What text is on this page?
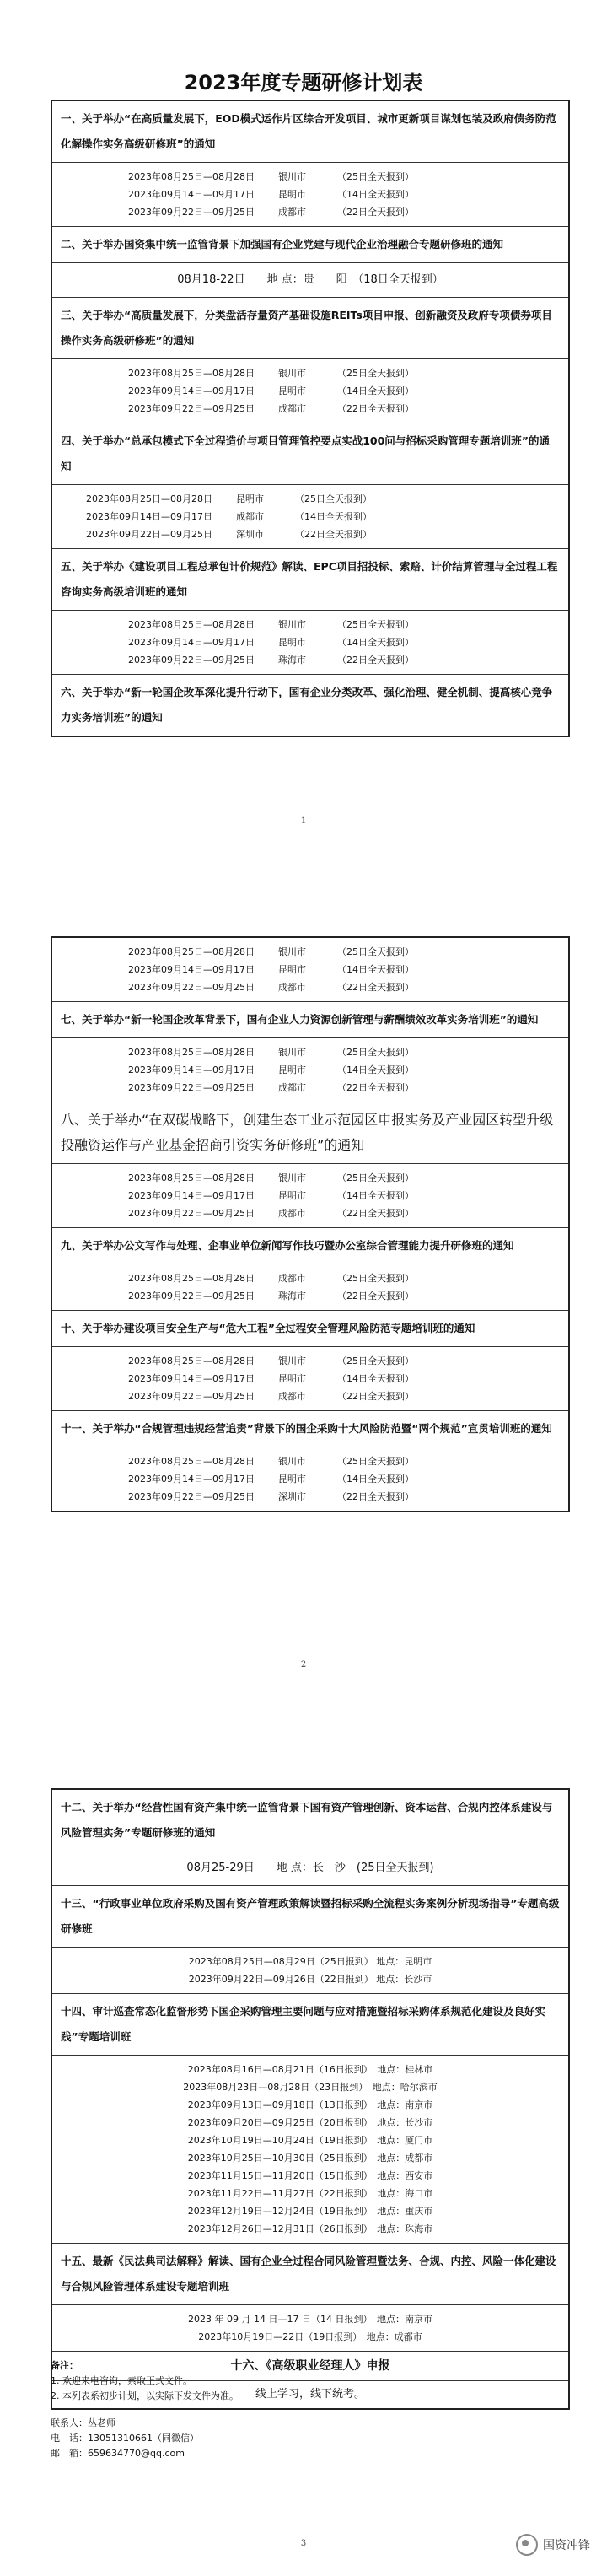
2023年度专题研修计划表
一、关于举办“在高质量发展下，EOD模式运作片区综合开发项目、城市更新项目谋划包装及政府债务防范化解操作实务高级研修班”的通知

2023年08月25日—08月28日	银川市	（25日全天报到）
2023年09月14日—09月17日	昆明市	（14日全天报到）
2023年09月22日—09月25日	成都市	（22日全天报到）

二、关于举办国资集中统一监管背景下加强国有企业党建与现代企业治理融合专题研修班的通知
08月18-22日　　地 点：贵　　阳　（18日全天报到）
三、关于举办“高质量发展下，分类盘活存量资产基础设施REITs项目申报、创新融资及政府专项债券项目操作实务高级研修班”的通知

2023年08月25日—08月28日	银川市	（25日全天报到）
2023年09月14日—09月17日	昆明市	（14日全天报到）
2023年09月22日—09月25日	成都市	（22日全天报到）

四、关于举办“总承包模式下全过程造价与项目管理管控要点实战100问与招标采购管理专题培训班”的通知

2023年08月25日—08月28日	昆明市	（25日全天报到）
2023年09月14日—09月17日	成都市	（14日全天报到）
2023年09月22日—09月25日	深圳市	（22日全天报到）

五、关于举办《建设项目工程总承包计价规范》解读、EPC项目招投标、索赔、计价结算管理与全过程工程咨询实务高级培训班的通知

2023年08月25日—08月28日	银川市	（25日全天报到）
2023年09月14日—09月17日	昆明市	（14日全天报到）
2023年09月22日—09月25日	珠海市	（22日全天报到）

六、关于举办“新一轮国企改革深化提升行动下，国有企业分类改革、强化治理、健全机制、提高核心竞争力实务培训班”的通知
1
2023年08月25日—08月28日	银川市	（25日全天报到）
2023年09月14日—09月17日	昆明市	（14日全天报到）
2023年09月22日—09月25日	成都市	（22日全天报到）

七、关于举办“新一轮国企改革背景下，国有企业人力资源创新管理与薪酬绩效改革实务培训班”的通知

2023年08月25日—08月28日	银川市	（25日全天报到）
2023年09月14日—09月17日	昆明市	（14日全天报到）
2023年09月22日—09月25日	成都市	（22日全天报到）

八、关于举办“在双碳战略下，创建生态工业示范园区申报实务及产业园区转型升级投融资运作与产业基金招商引资实务研修班”的通知

2023年08月25日—08月28日	银川市	（25日全天报到）
2023年09月14日—09月17日	昆明市	（14日全天报到）
2023年09月22日—09月25日	成都市	（22日全天报到）

九、关于举办公文写作与处理、企事业单位新闻写作技巧暨办公室综合管理能力提升研修班的通知

2023年08月25日—08月28日	成都市	（25日全天报到）
2023年09月22日—09月25日	珠海市	（22日全天报到）

十、关于举办建设项目安全生产与“危大工程”全过程安全管理风险防范专题培训班的通知

2023年08月25日—08月28日	银川市	（25日全天报到）
2023年09月14日—09月17日	昆明市	（14日全天报到）
2023年09月22日—09月25日	成都市	（22日全天报到）

十一、关于举办“合规管理违规经营追责”背景下的国企采购十大风险防范暨“两个规范”宣贯培训班的通知

2023年08月25日—08月28日	银川市	（25日全天报到）
2023年09月14日—09月17日	昆明市	（14日全天报到）
2023年09月22日—09月25日	深圳市	（22日全天报到）
2
十二、关于举办“经营性国有资产集中统一监管背景下国有资产管理创新、资本运营、合规内控体系建设与风险管理实务”专题研修班的通知
08月25-29日　　地 点：长　沙　(25日全天报到)
十三、“行政事业单位政府采购及国有资产管理政策解读暨招标采购全流程实务案例分析现场指导”专题高级研修班

2023年08月25日—08月29日（25日报到） 地点：昆明市
2023年09月22日—09月26日（22日报到） 地点：长沙市

十四、审计巡查常态化监督形势下国企采购管理主要问题与应对措施暨招标采购体系规范化建设及良好实践”专题培训班

2023年08月16日—08月21日（16日报到）　地点：桂林市
2023年08月23日—08月28日（23日报到）　地点：哈尔滨市
2023年09月13日—09月18日（13日报到）　地点：南京市
2023年09月20日—09月25日（20日报到）　地点：长沙市
2023年10月19日—10月24日（19日报到）　地点：厦门市
2023年10月25日—10月30日（25日报到）　地点：成都市
2023年11月15日—11月20日（15日报到）　地点：西安市
2023年11月22日—11月27日（22日报到）　地点：海口市
2023年12月19日—12月24日（19日报到）　地点：重庆市
2023年12月26日—12月31日（26日报到）　地点：珠海市

十五、最新《民法典司法解释》解读、国有企业全过程合同风险管理暨法务、合规、内控、风险一体化建设与合规风险管理体系建设专题培训班

2023 年 09 月 14 日—17 日（14 日报到）　地点：南京市
2023年10月19日—22日（19日报到）　地点：成都市

十六、《高级职业经理人》申报
线上学习，线下统考。
备注：
1. 欢迎来电咨询，索取正式文件。
2. 本列表系初步计划，以实际下发文件为准。
联系人：丛老师
电　话：13051310661（同微信）
邮　箱：659634770@qq.com
3	国资冲锋
